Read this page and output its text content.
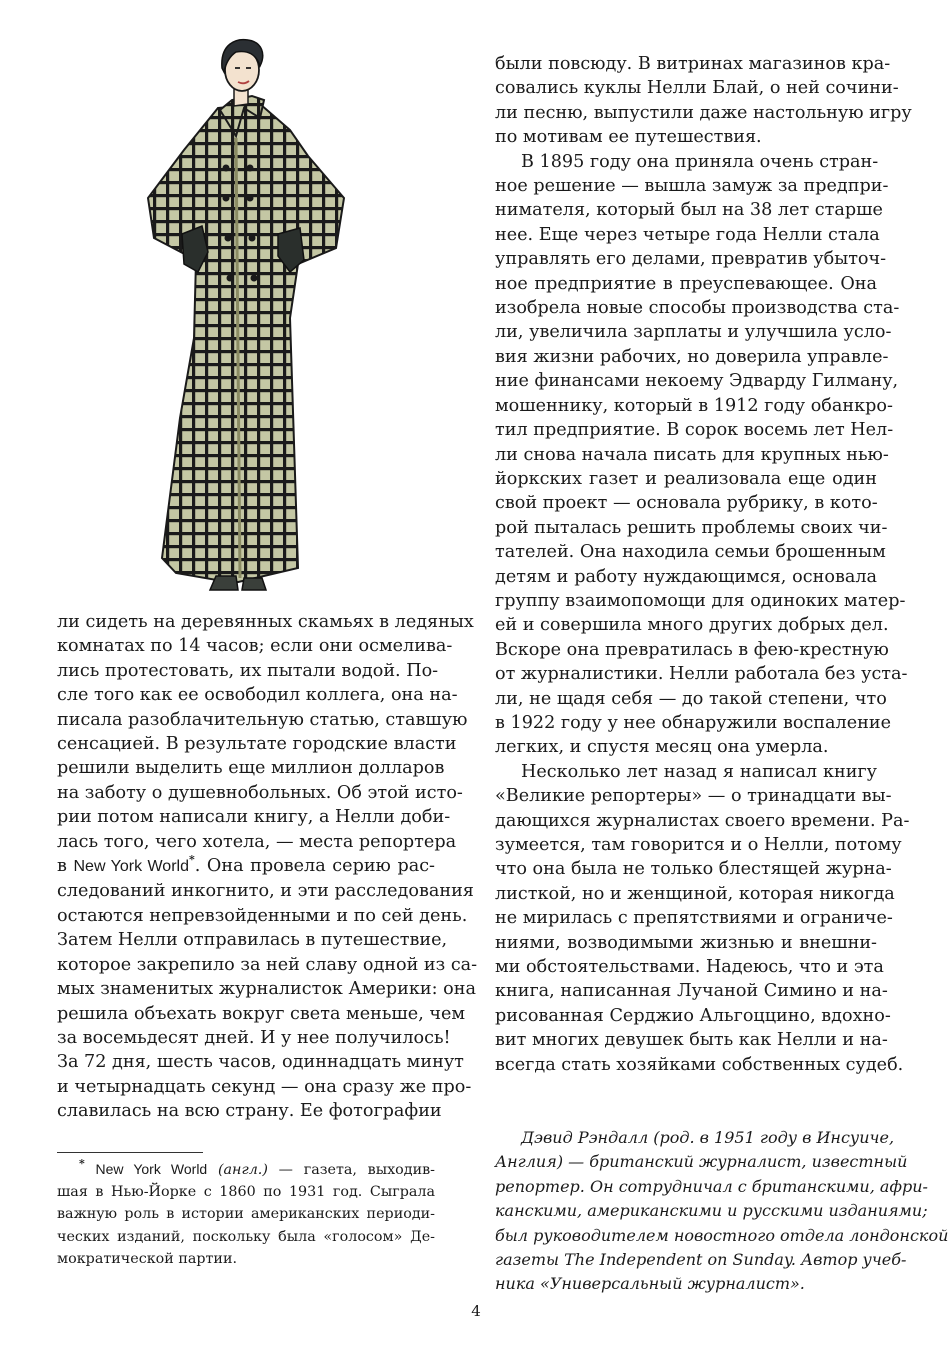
ли сидеть на деревянных скамьях в ледяных
комнатах по 14 часов; если они осмелива-
лись протестовать, их пытали водой. По-
сле того как ее освободил коллега, она на-
писала разоблачительную статью, ставшую
сенсацией. В результате городские власти
решили выделить еще миллион долларов
на заботу о душевнобольных. Об этой исто-
рии потом написали книгу, а Нелли доби-
лась того, чего хотела, — места репортера
в New York World*. Она провела серию рас-
следований инкогнито, и эти расследования
остаются непревзойденными и по сей день.
Затем Нелли отправилась в путешествие,
которое закрепило за ней славу одной из са-
мых знаменитых журналисток Америки: она
решила объехать вокруг света меньше, чем
за восемьдесят дней. И у нее получилось!
За 72 дня, шесть часов, одиннадцать минут
и четырнадцать секунд — она сразу же про-
славилась на всю страну. Ее фотографии
были повсюду. В витринах магазинов кра-
совались куклы Нелли Блай, о ней сочини-
ли песню, выпустили даже настольную игру
по мотивам ее путешествия.
В 1895 году она приняла очень стран-
ное решение — вышла замуж за предпри-
нимателя, который был на 38 лет старше
нее. Еще через четыре года Нелли стала
управлять его делами, превратив убыточ-
ное предприятие в преуспевающее. Она
изобрела новые способы производства ста-
ли, увеличила зарплаты и улучшила усло-
вия жизни рабочих, но доверила управле-
ние финансами некоему Эдварду Гилману,
мошеннику, который в 1912 году обанкро-
тил предприятие. В сорок восемь лет Нел-
ли снова начала писать для крупных нью-
йоркских газет и реализовала еще один
свой проект — основала рубрику, в кото-
рой пыталась решить проблемы своих чи-
тателей. Она находила семьи брошенным
детям и работу нуждающимся, основала
группу взаимопомощи для одиноких матер-
ей и совершила много других добрых дел.
Вскоре она превратилась в фею-крестную
от журналистики. Нелли работала без уста-
ли, не щадя себя — до такой степени, что
в 1922 году у нее обнаружили воспаление
легких, и спустя месяц она умерла.
Несколько лет назад я написал книгу
«Великие репортеры» — о тринадцати вы-
дающихся журналистах своего времени. Ра-
зумеется, там говорится и о Нелли, потому
что она была не только блестящей журна-
листкой, но и женщиной, которая никогда
не мирилась с препятствиями и ограниче-
ниями, возводимыми жизнью и внешни-
ми обстоятельствами. Надеюсь, что и эта
книга, написанная Лучаной Симино и на-
рисованная Серджио Альгоццино, вдохно-
вит многих девушек быть как Нелли и на-
всегда стать хозяйками собственных судеб.
* New York World (англ.) — газета, выходив-
шая в Нью-Йорке с 1860 по 1931 год. Сыграла
важную роль в истории американских периоди-
ческих изданий, поскольку была «голосом» Де-
мократической партии.
Дэвид Рэндалл (род. в 1951 году в Инсуиче,
Англия) — британский журналист, известный
репортер. Он сотрудничал с британскими, афри-
канскими, американскими и русскими изданиями;
был руководителем новостного отдела лондонской
газеты The Independent on Sunday. Автор учеб-
ника «Универсальный журналист».
4
